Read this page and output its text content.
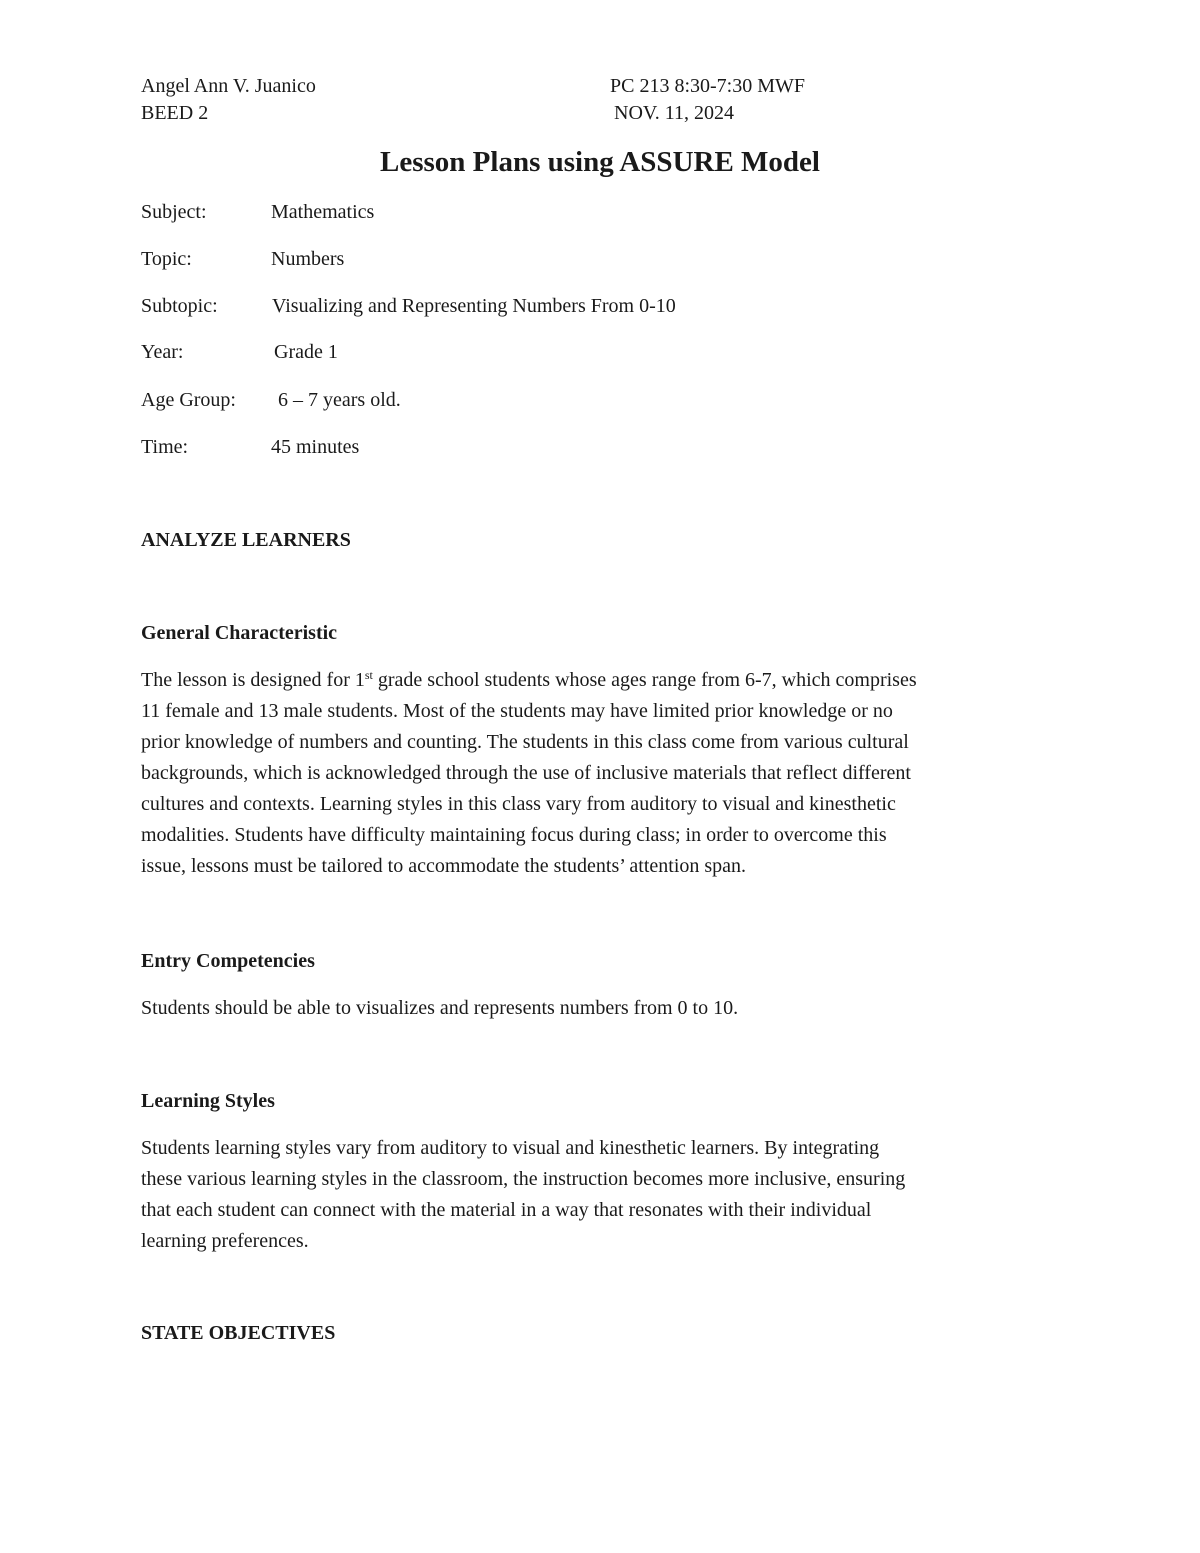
Angel Ann V. Juanico
BEED 2
PC 213 8:30-7:30 MWF
NOV. 11, 2024
Lesson Plans using ASSURE Model
Subject:	Mathematics
Topic:	Numbers
Subtopic:	Visualizing and Representing Numbers From 0-10
Year:	Grade 1
Age Group: 6 – 7 years old.
Time:	45 minutes
ANALYZE LEARNERS
General Characteristic
The lesson is designed for 1st grade school students whose ages range from 6-7, which comprises
11 female and 13 male students. Most of the students may have limited prior knowledge or no
prior knowledge of numbers and counting. The students in this class come from various cultural
backgrounds, which is acknowledged through the use of inclusive materials that reflect different
cultures and contexts. Learning styles in this class vary from auditory to visual and kinesthetic
modalities. Students have difficulty maintaining focus during class; in order to overcome this
issue, lessons must be tailored to accommodate the students’ attention span.
Entry Competencies
Students should be able to visualizes and represents numbers from 0 to 10.
Learning Styles
Students learning styles vary from auditory to visual and kinesthetic learners. By integrating
these various learning styles in the classroom, the instruction becomes more inclusive, ensuring
that each student can connect with the material in a way that resonates with their individual
learning preferences.
STATE OBJECTIVES
